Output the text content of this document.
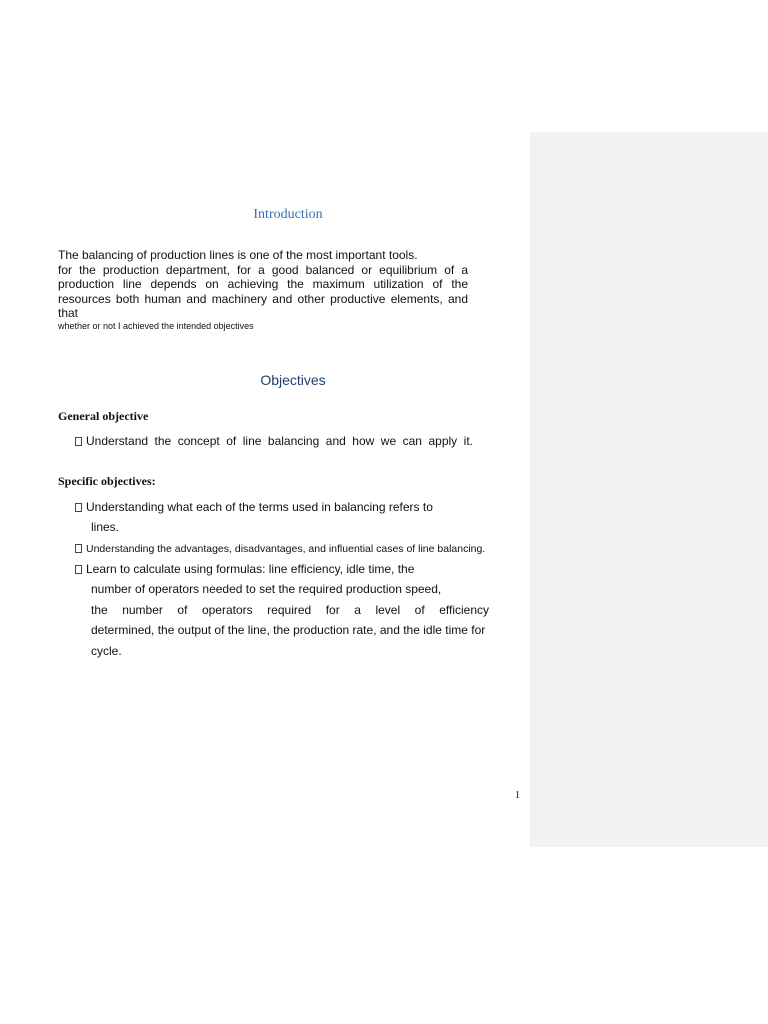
Introduction
The balancing of production lines is one of the most important tools.
for the production department, for a good balanced or equilibrium of a
production line depends on achieving the maximum utilization of the
resources both human and machinery and other productive elements, and that
whether or not I achieved the intended objectives
Objectives
General objective
Understand the concept of line balancing and how we can apply it.
Specific objectives:
Understanding what each of the terms used in balancing refers to
lines.
Understanding the advantages, disadvantages, and influential cases of line balancing.
Learn to calculate using formulas: line efficiency, idle time, the
number of operators needed to set the required production speed,
the number of operators required for a level of efficiency
determined, the output of the line, the production rate, and the idle time for
cycle.
1
